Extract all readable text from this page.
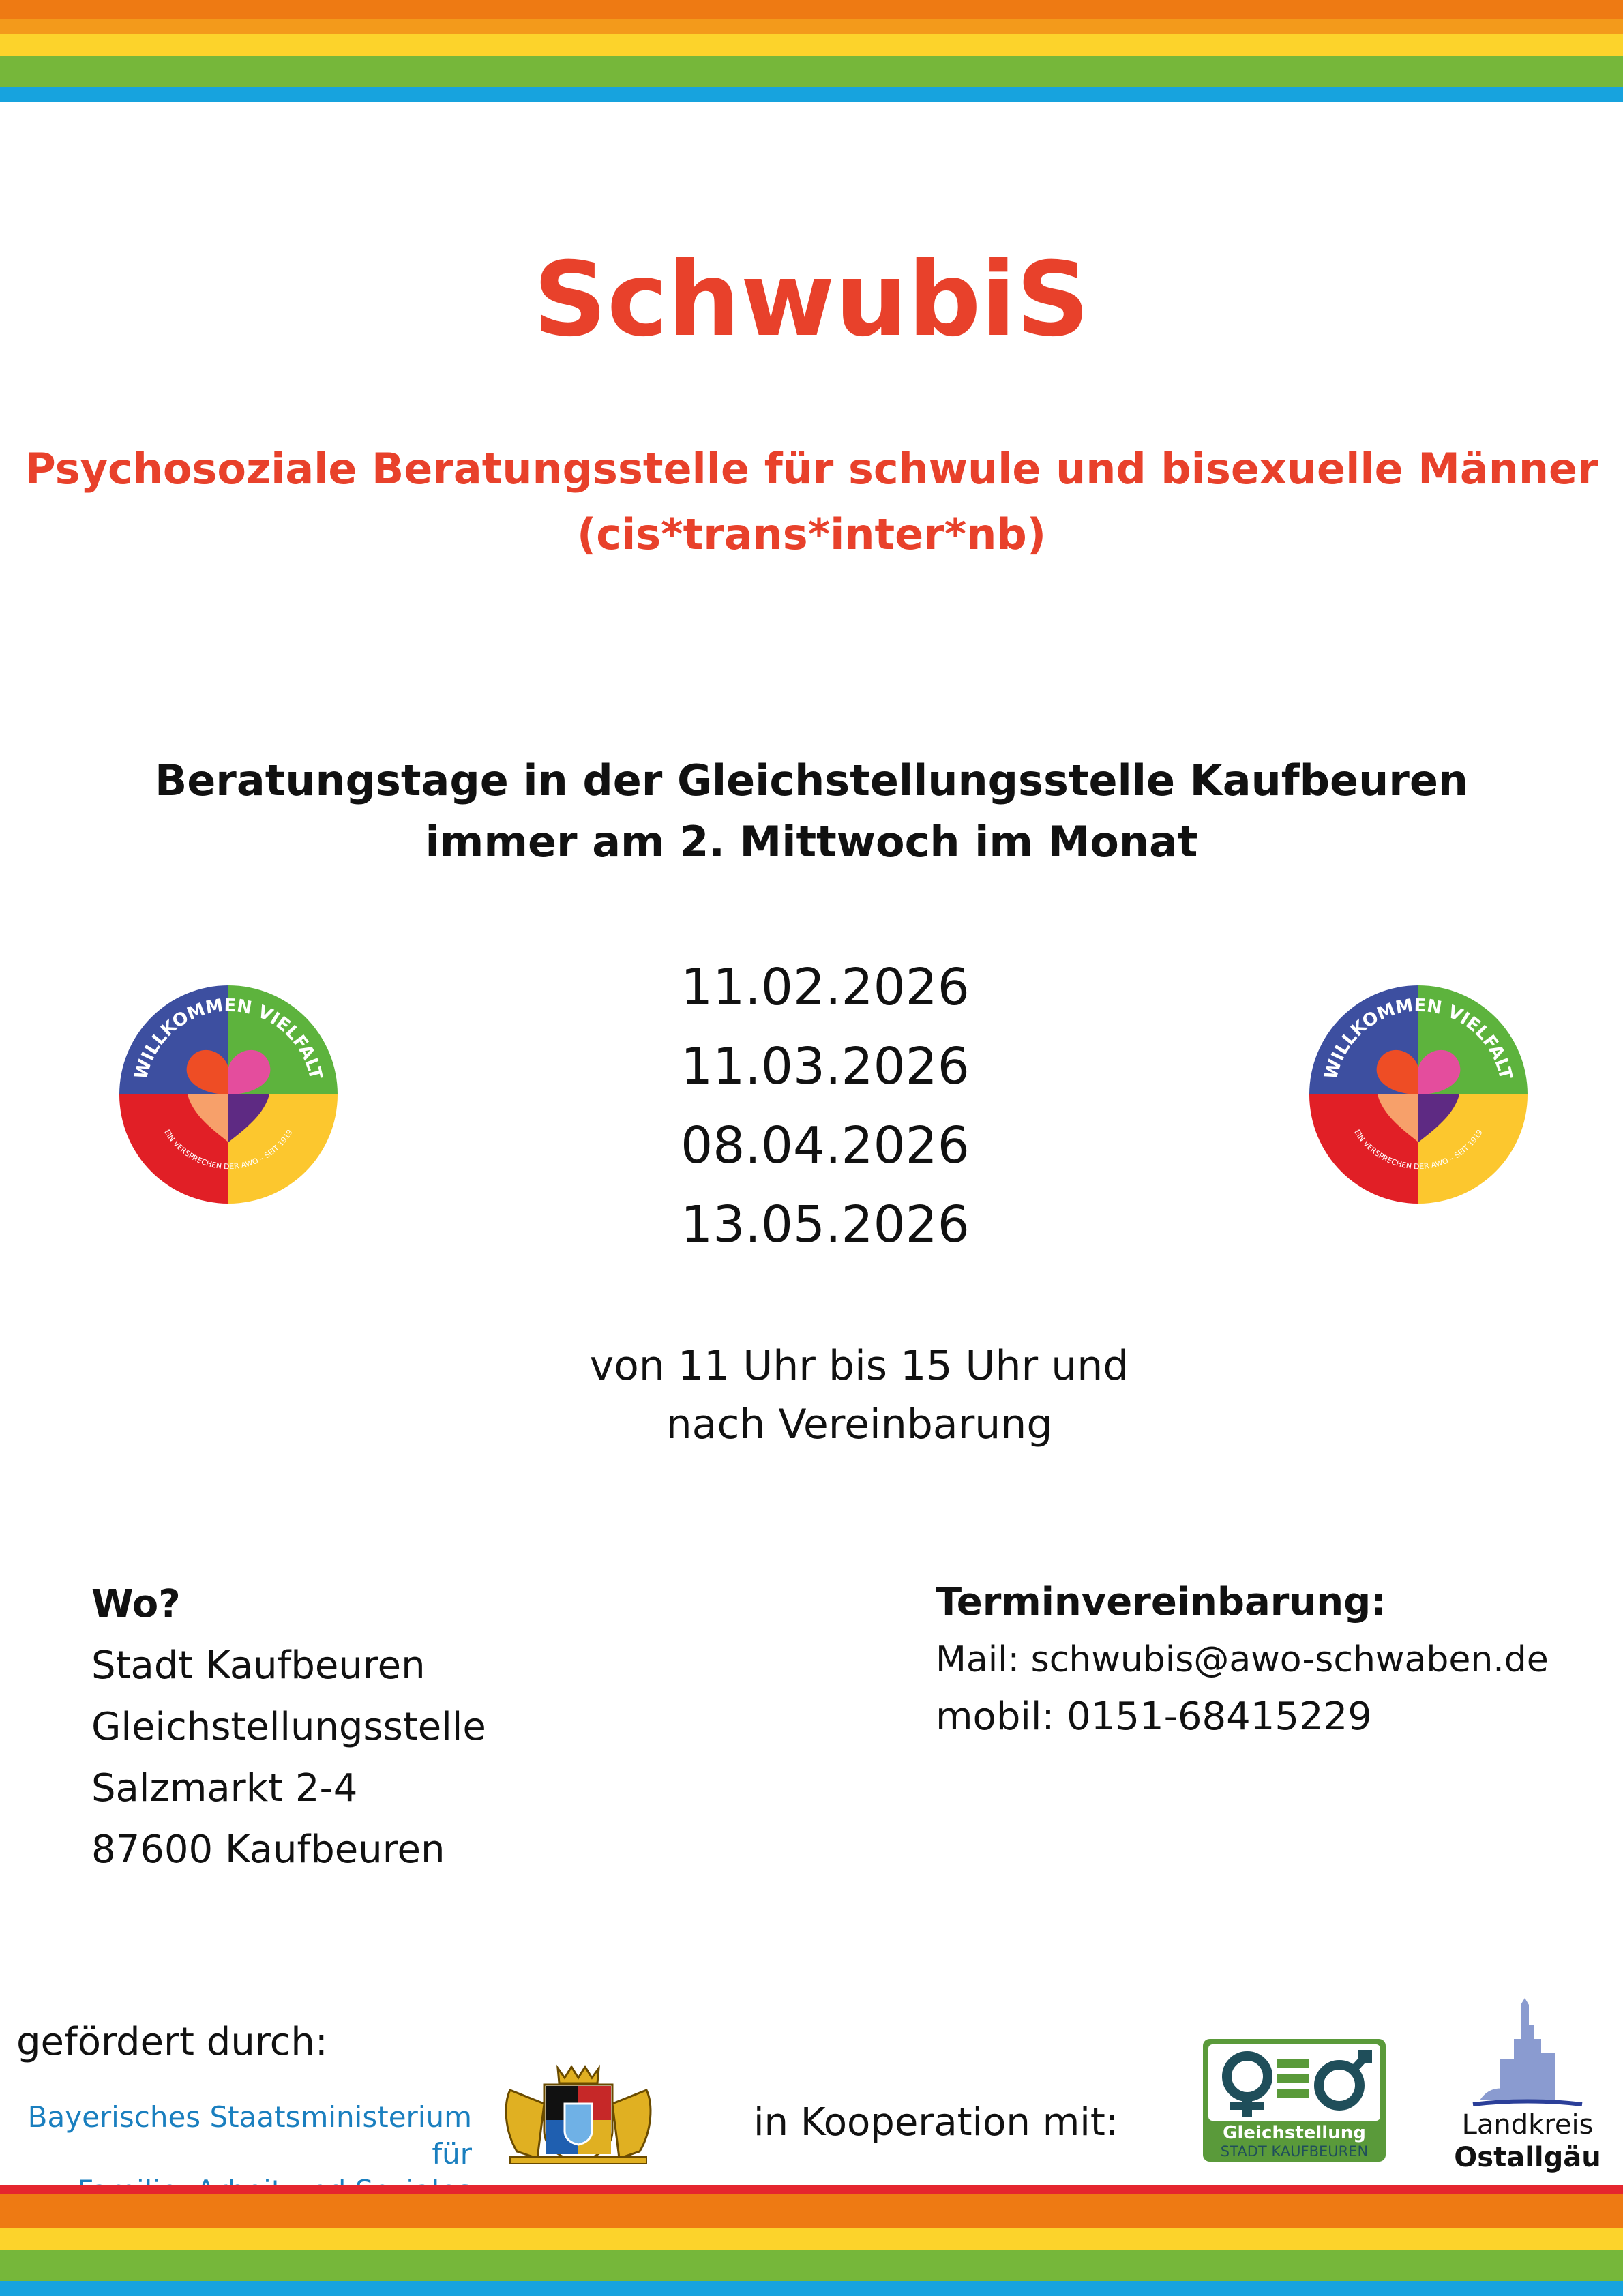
SchwubiS
Psychosoziale Beratungsstelle für schwule und bisexuelle Männer
(cis*trans*inter*nb)
Beratungstage in der Gleichstellungsstelle Kaufbeuren
immer am 2. Mittwoch im Monat
WILLKOMMEN VIELFALT
EIN VERSPRECHEN DER AWO – SEIT 1919
WILLKOMMEN VIELFALT
EIN VERSPRECHEN DER AWO – SEIT 1919
11.02.2026
11.03.2026
08.04.2026
13.05.2026
von 11 Uhr bis 15 Uhr und
nach Vereinbarung
Wo?
Stadt Kaufbeuren
Gleichstellungsstelle
Salzmarkt 2-4
87600 Kaufbeuren
Terminvereinbarung:
Mail: schwubis@awo-schwaben.de
mobil: 0151-68415229
gefördert durch:
Bayerisches Staatsministerium für
in Kooperation mit:	Gleichstellung
STADT KAUFBEUREN
Landkreis
Ostallgäu
